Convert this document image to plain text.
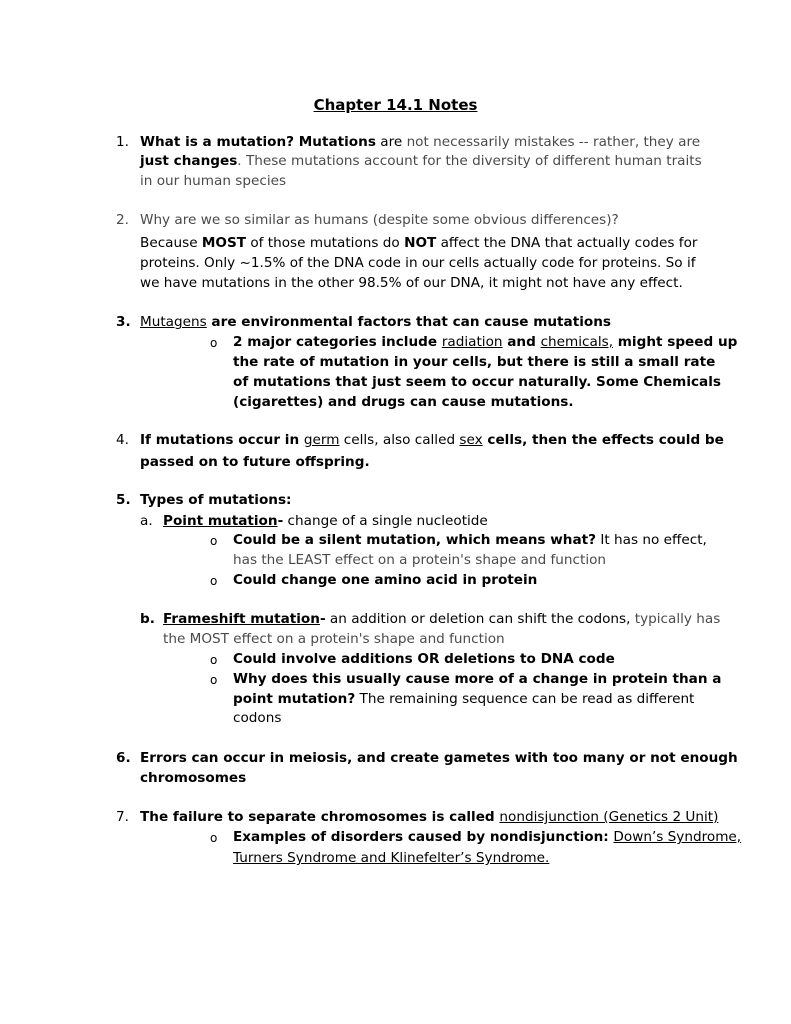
Chapter 14.1 Notes
1. What is a mutation? Mutations are not necessarily mistakes -- rather, they are
just changes. These mutations account for the diversity of different human traits
in our human species
2. Why are we so similar as humans (despite some obvious differences)?
Because MOST of those mutations do NOT affect the DNA that actually codes for
proteins. Only ~1.5% of the DNA code in our cells actually code for proteins. So if
we have mutations in the other 98.5% of our DNA, it might not have any effect.
3. Mutagens are environmental factors that can cause mutations
o 2 major categories include radiation and chemicals, might speed up
the rate of mutation in your cells, but there is still a small rate
of mutations that just seem to occur naturally. Some Chemicals
(cigarettes) and drugs can cause mutations.
4. If mutations occur in germ cells, also called sex cells, then the effects could be
passed on to future offspring.
5. Types of mutations:
a. Point mutation- change of a single nucleotide
o Could be a silent mutation, which means what? It has no effect,
has the LEAST effect on a protein's shape and function
o Could change one amino acid in protein
b. Frameshift mutation- an addition or deletion can shift the codons, typically has
the MOST effect on a protein's shape and function
o Could involve additions OR deletions to DNA code
o Why does this usually cause more of a change in protein than a
point mutation? The remaining sequence can be read as different
codons
6. Errors can occur in meiosis, and create gametes with too many or not enough
chromosomes
7. The failure to separate chromosomes is called nondisjunction (Genetics 2 Unit)
o Examples of disorders caused by nondisjunction: Down’s Syndrome,
Turners Syndrome and Klinefelter’s Syndrome.
